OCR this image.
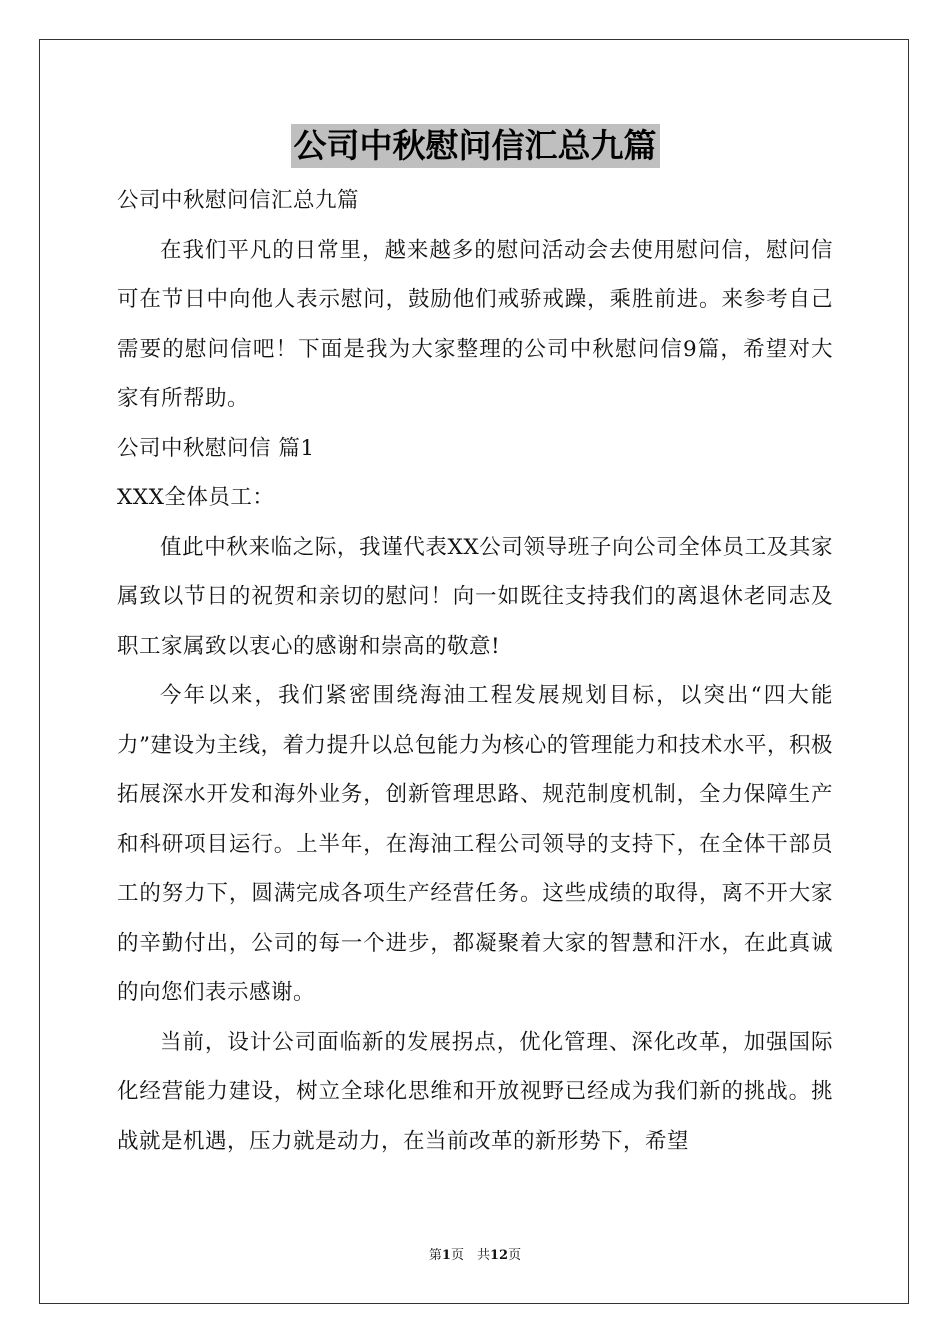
公司中秋慰问信汇总九篇

公司中秋慰问信汇总九篇

在我们平凡的日常里，越来越多的慰问活动会去使用慰问信，慰问信可在节日中向他人表示慰问，鼓励他们戒骄戒躁，乘胜前进。来参考自己需要的慰问信吧！下面是我为大家整理的公司中秋慰问信9篇，希望对大家有所帮助。

公司中秋慰问信 篇1

XXX全体员工：

值此中秋来临之际，我谨代表XX公司领导班子向公司全体员工及其家属致以节日的祝贺和亲切的慰问！向一如既往支持我们的离退休老同志及职工家属致以衷心的感谢和崇高的敬意!

今年以来，我们紧密围绕海油工程发展规划目标，以突出“四大能力”建设为主线，着力提升以总包能力为核心的管理能力和技术水平，积极拓展深水开发和海外业务，创新管理思路、规范制度机制，全力保障生产和科研项目运行。上半年，在海油工程公司领导的支持下，在全体干部员工的努力下，圆满完成各项生产经营任务。这些成绩的取得，离不开大家的辛勤付出，公司的每一个进步，都凝聚着大家的智慧和汗水，在此真诚的向您们表示感谢。

当前，设计公司面临新的发展拐点，优化管理、深化改革，加强国际化经营能力建设，树立全球化思维和开放视野已经成为我们新的挑战。挑战就是机遇，压力就是动力，在当前改革的新形势下，希望

第1页　共12页
